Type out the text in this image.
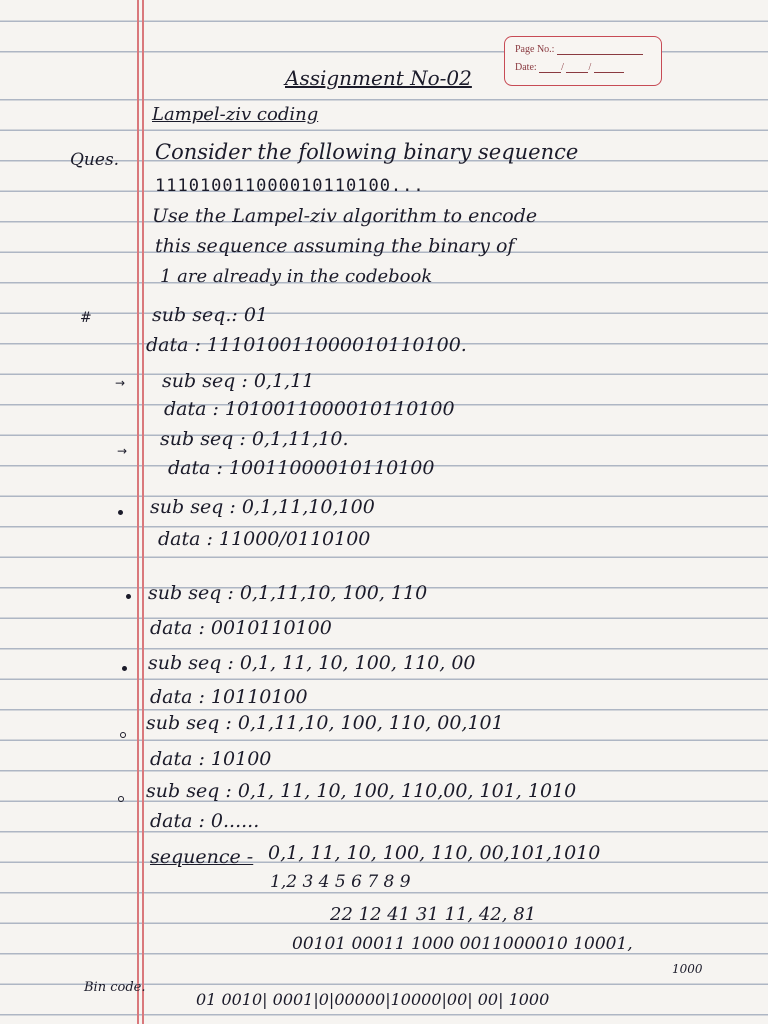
Page No.:
Date: / /
Assignment No-02
Lampel-ziv coding
Ques. Consider the following binary sequence
111010011000010110100...
Use the Lampel-ziv algorithm to encode
this sequence assuming the binary of
1 are already in the codebook
#	sub seq.: 01
data : 111010011000010110100.
→ sub seq : 0,1,11
data : 1010011000010110100
→
sub seq : 0,1,11,10.
data : 10011000010110100
sub seq : 0,1,11,10,100
data : 11000/0110100
sub seq : 0,1,11,10, 100, 110
data : 0010110100
sub seq : 0,1, 11, 10, 100, 110, 00
data : 10110100
sub seq : 0,1,11,10, 100, 110, 00,101
data : 10100
sub seq : 0,1, 11, 10, 100, 110,00, 101, 1010
data : 0......
sequence - 0,1, 11, 10, 100, 110, 00,101,1010
1,2 3 4 5 6 7 8 9
22 12 41 31 11, 42, 81
00101 00011 1000 0011000010 10001,
1000
Bin code.
01 0010| 0001|0|00000|10000|00| 00| 1000
